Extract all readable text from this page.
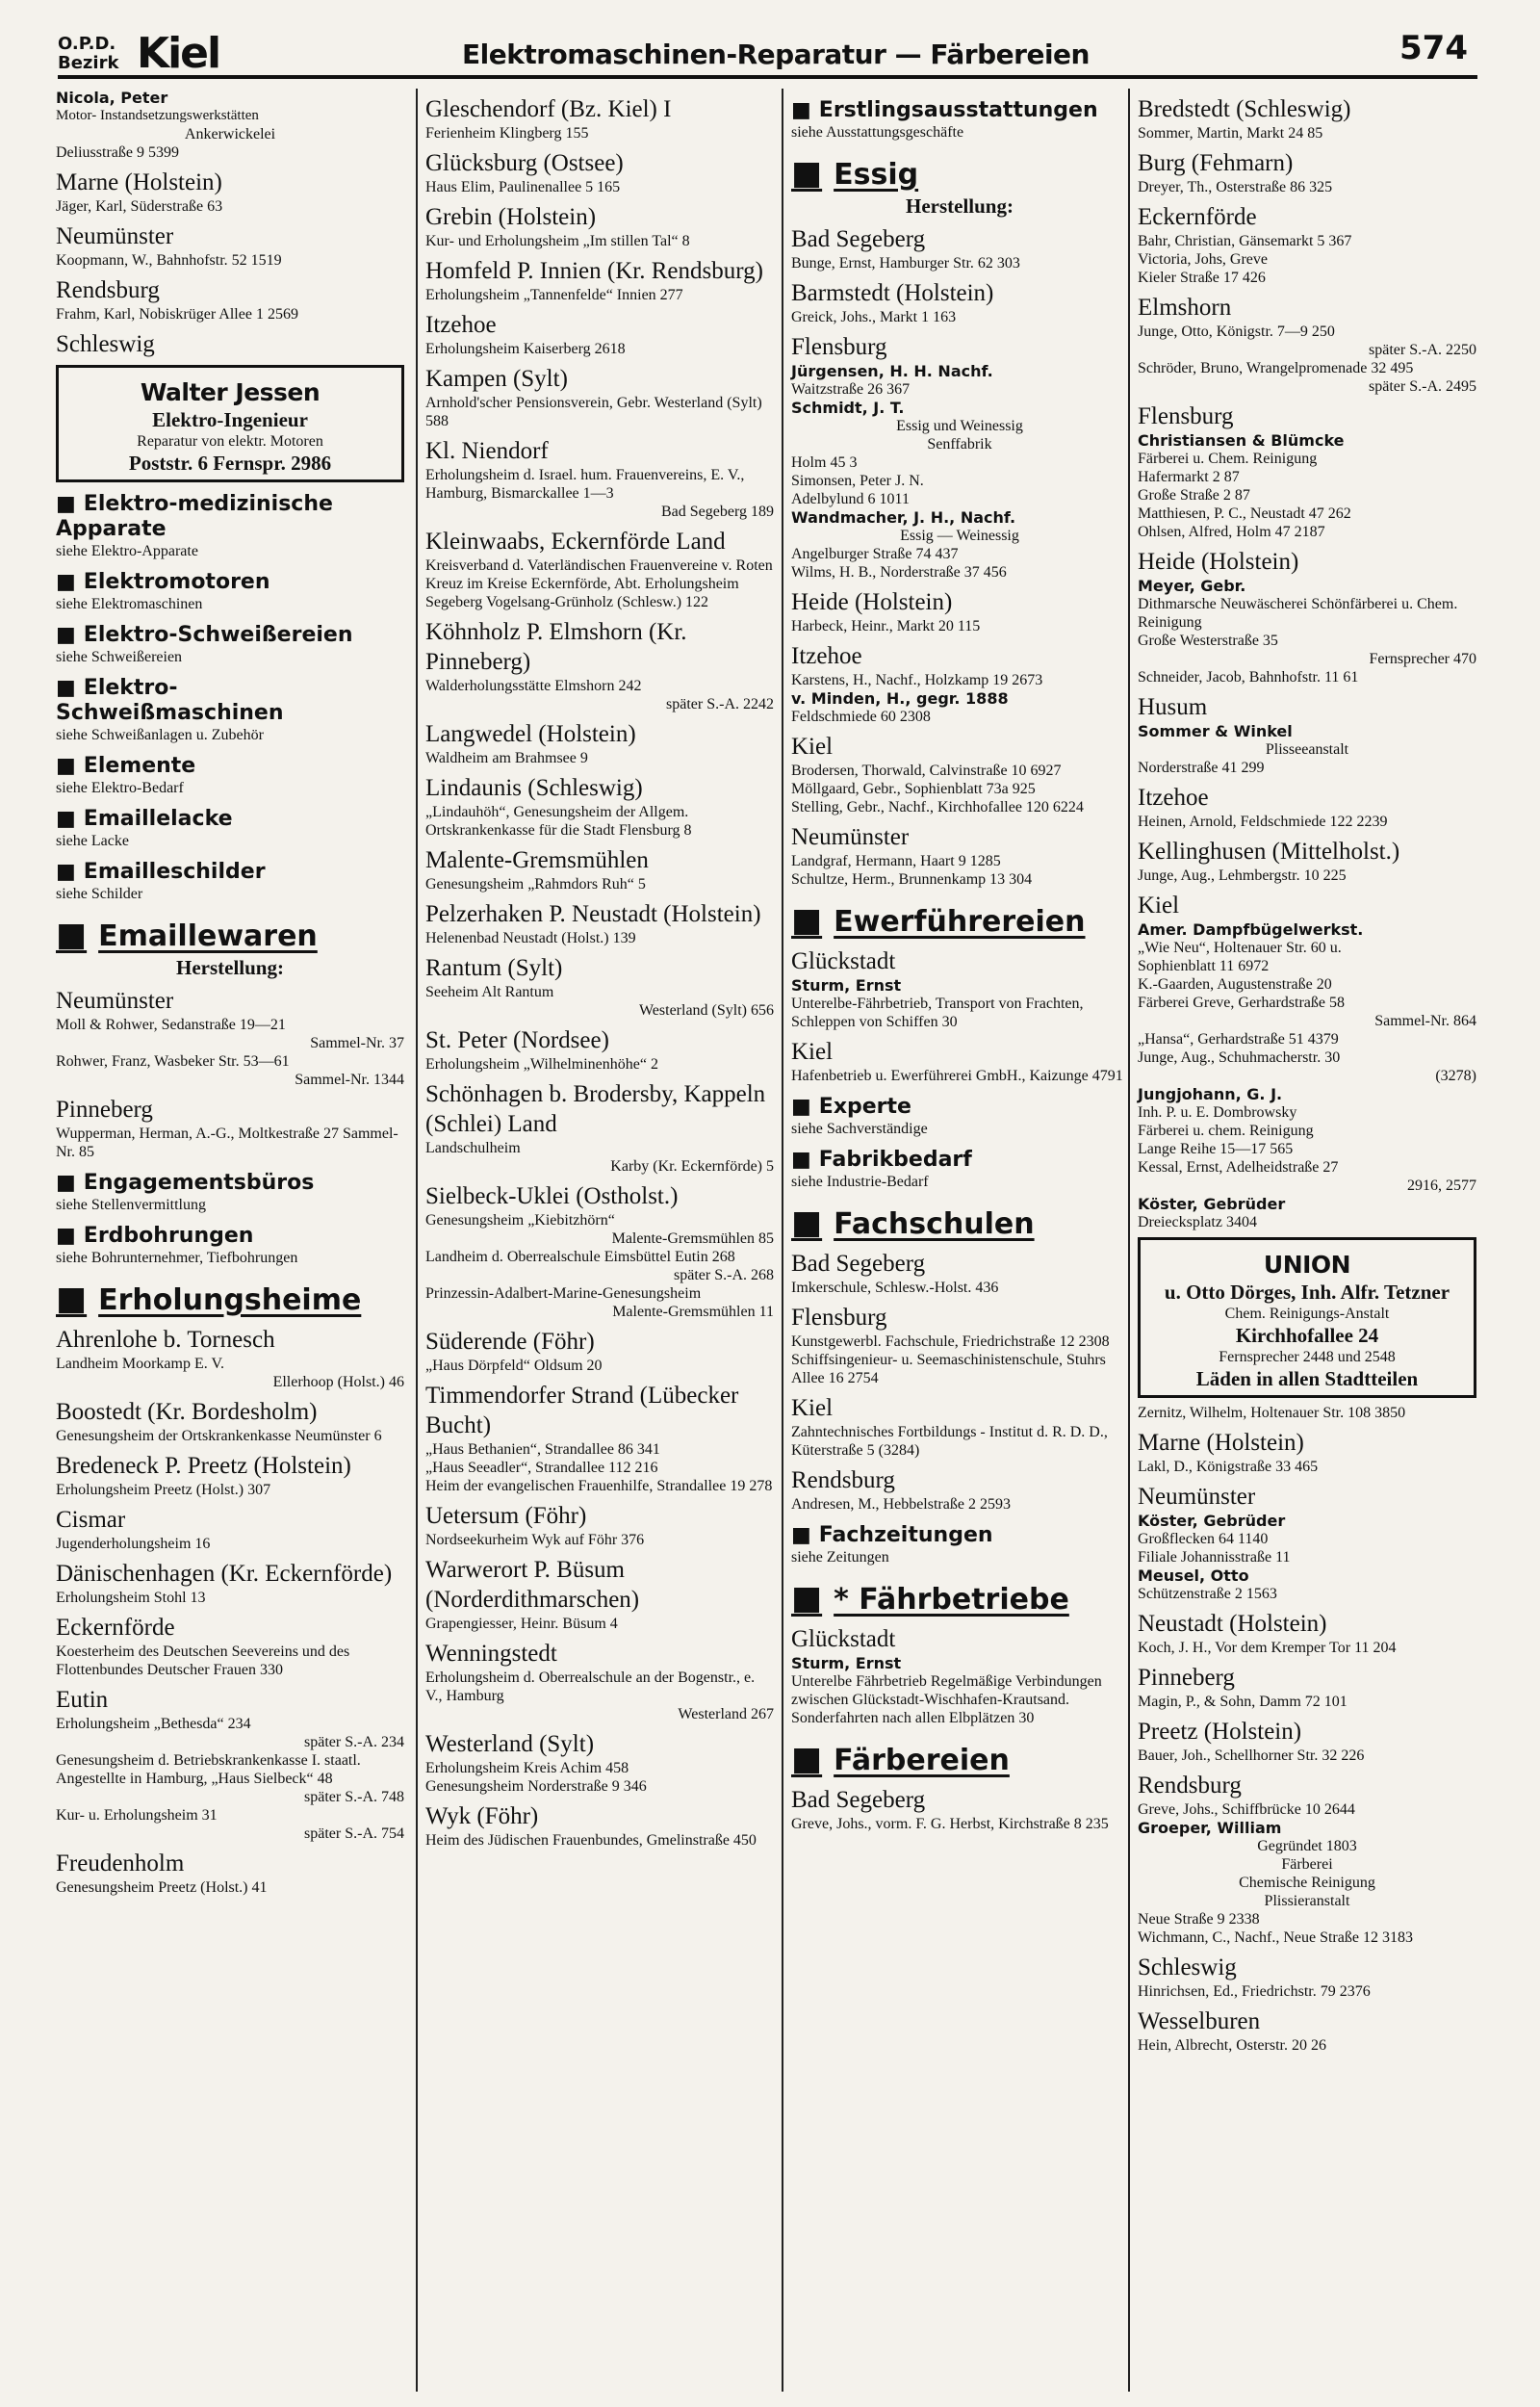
O.P.D.
Bezirk Kiel	Elektromaschinen-Reparatur — Färbereien	574
Nicola, Peter
Motor- Instandsetzungswerkstätten
Ankerwickelei
Deliusstraße 9 5399
Marne (Holstein)
Jäger, Karl, Süderstraße 63
Neumünster
Koopmann, W., Bahnhofstr. 52 1519
Rendsburg
Frahm, Karl, Nobiskrüger Allee 1 2569
Schleswig
Walter Jessen
Elektro-Ingenieur
Reparatur von elektr. Motoren
Poststr. 6 Fernspr. 2986
■ Elektro-medizinische Apparate
siehe Elektro-Apparate
■ Elektromotoren
siehe Elektromaschinen
■ Elektro-Schweißereien
siehe Schweißereien
■ Elektro-Schweißmaschinen
siehe Schweißanlagen u. Zubehör
■ Elemente
siehe Elektro-Bedarf
■ Emaillelacke
siehe Lacke
■ Emailleschilder
siehe Schilder
■ Emaillewaren
Herstellung:
Neumünster
Moll & Rohwer, Sedanstraße 19—21
Sammel-Nr. 37
Rohwer, Franz, Wasbeker Str. 53—61
Sammel-Nr. 1344
Pinneberg
Wupperman, Herman, A.-G., Moltkestraße 27 Sammel-Nr. 85
■ Engagementsbüros
siehe Stellenvermittlung
■ Erdbohrungen
siehe Bohrunternehmer, Tiefbohrungen
■ Erholungsheime
Ahrenlohe b. Tornesch
Landheim Moorkamp E. V.
Ellerhoop (Holst.) 46
Boostedt (Kr. Bordesholm)
Genesungsheim der Ortskrankenkasse Neumünster 6
Bredeneck P. Preetz (Holstein)
Erholungsheim Preetz (Holst.) 307
Cismar
Jugenderholungsheim 16
Dänischenhagen (Kr. Eckernförde)
Erholungsheim Stohl 13
Eckernförde
Koesterheim des Deutschen Seevereins und des Flottenbundes Deutscher Frauen 330
Eutin
Erholungsheim „Bethesda“ 234
später S.-A. 234
Genesungsheim d. Betriebskrankenkasse I. staatl. Angestellte in Hamburg, „Haus Sielbeck“ 48
später S.-A. 748
Kur- u. Erholungsheim 31
später S.-A. 754
Freudenholm
Genesungsheim Preetz (Holst.) 41
Gleschendorf (Bz. Kiel) I
Ferienheim Klingberg 155
Glücksburg (Ostsee)
Haus Elim, Paulinenallee 5 165
Grebin (Holstein)
Kur- und Erholungsheim „Im stillen Tal“ 8
Homfeld P. Innien (Kr. Rendsburg)
Erholungsheim „Tannenfelde“ Innien 277
Itzehoe
Erholungsheim Kaiserberg 2618
Kampen (Sylt)
Arnhold'scher Pensionsverein, Gebr. Westerland (Sylt) 588
Kl. Niendorf
Erholungsheim d. Israel. hum. Frauenvereins, E. V., Hamburg, Bismarckallee 1—3
Bad Segeberg 189
Kleinwaabs, Eckernförde Land
Kreisverband d. Vaterländischen Frauenvereine v. Roten Kreuz im Kreise Eckernförde, Abt. Erholungsheim Segeberg Vogelsang-Grünholz (Schlesw.) 122
Köhnholz P. Elmshorn (Kr. Pinneberg)
Walderholungsstätte Elmshorn 242
später S.-A. 2242
Langwedel (Holstein)
Waldheim am Brahmsee 9
Lindaunis (Schleswig)
„Lindauhöh“, Genesungsheim der Allgem. Ortskrankenkasse für die Stadt Flensburg 8
Malente-Gremsmühlen
Genesungsheim „Rahmdors Ruh“ 5
Pelzerhaken P. Neustadt (Holstein)
Helenenbad Neustadt (Holst.) 139
Rantum (Sylt)
Seeheim Alt Rantum
Westerland (Sylt) 656
St. Peter (Nordsee)
Erholungsheim „Wilhelminenhöhe“ 2
Schönhagen b. Brodersby, Kappeln (Schlei) Land
Landschulheim
Karby (Kr. Eckernförde) 5
Sielbeck-Uklei (Ostholst.)
Genesungsheim „Kiebitzhörn“
Malente-Gremsmühlen 85
Landheim d. Oberrealschule Eimsbüttel Eutin 268
später S.-A. 268
Prinzessin-Adalbert-Marine-Genesungsheim
Malente-Gremsmühlen 11
Süderende (Föhr)
„Haus Dörpfeld“ Oldsum 20
Timmendorfer Strand (Lübecker Bucht)
„Haus Bethanien“, Strandallee 86 341
„Haus Seeadler“, Strandallee 112 216
Heim der evangelischen Frauenhilfe, Strandallee 19 278
Uetersum (Föhr)
Nordseekurheim Wyk auf Föhr 376
Warwerort P. Büsum (Norderdithmarschen)
Grapengiesser, Heinr. Büsum 4
Wenningstedt
Erholungsheim d. Oberrealschule an der Bogenstr., e. V., Hamburg
Westerland 267
Westerland (Sylt)
Erholungsheim Kreis Achim 458
Genesungsheim Norderstraße 9 346
Wyk (Föhr)
Heim des Jüdischen Frauenbundes, Gmelinstraße 450
■ Erstlingsausstattungen
siehe Ausstattungsgeschäfte
■ Essig
Herstellung:
Bad Segeberg
Bunge, Ernst, Hamburger Str. 62 303
Barmstedt (Holstein)
Greick, Johs., Markt 1 163
Flensburg
Jürgensen, H. H. Nachf.
Waitzstraße 26 367
Schmidt, J. T.
Essig und Weinessig
Senffabrik
Holm 45 3
Simonsen, Peter J. N.
Adelbylund 6 1011
Wandmacher, J. H., Nachf.
Essig — Weinessig
Angelburger Straße 74 437
Wilms, H. B., Norderstraße 37 456
Heide (Holstein)
Harbeck, Heinr., Markt 20 115
Itzehoe
Karstens, H., Nachf., Holzkamp 19 2673
v. Minden, H., gegr. 1888
Feldschmiede 60 2308
Kiel
Brodersen, Thorwald, Calvinstraße 10 6927
Möllgaard, Gebr., Sophienblatt 73a 925
Stelling, Gebr., Nachf., Kirchhofallee 120 6224
Neumünster
Landgraf, Hermann, Haart 9 1285
Schultze, Herm., Brunnenkamp 13 304
■ Ewerführereien
Glückstadt
Sturm, Ernst
Unterelbe-Fährbetrieb, Transport von Frachten, Schleppen von Schiffen 30
Kiel
Hafenbetrieb u. Ewerführerei GmbH., Kaizunge 4791
■ Experte
siehe Sachverständige
■ Fabrikbedarf
siehe Industrie-Bedarf
■ Fachschulen
Bad Segeberg
Imkerschule, Schlesw.-Holst. 436
Flensburg
Kunstgewerbl. Fachschule, Friedrichstraße 12 2308
Schiffsingenieur- u. Seemaschinistenschule, Stuhrs Allee 16 2754
Kiel
Zahntechnisches Fortbildungs - Institut d. R. D. D., Küterstraße 5 (3284)
Rendsburg
Andresen, M., Hebbelstraße 2 2593
■ Fachzeitungen
siehe Zeitungen
■ * Fährbetriebe
Glückstadt
Sturm, Ernst
Unterelbe Fährbetrieb Regelmäßige Verbindungen zwischen Glückstadt-Wischhafen-Krautsand. Sonderfahrten nach allen Elbplätzen 30
■ Färbereien
Bad Segeberg
Greve, Johs., vorm. F. G. Herbst, Kirchstraße 8 235
Bredstedt (Schleswig)
Sommer, Martin, Markt 24 85
Burg (Fehmarn)
Dreyer, Th., Osterstraße 86 325
Eckernförde
Bahr, Christian, Gänsemarkt 5 367
Victoria, Johs, Greve
Kieler Straße 17 426
Elmshorn
Junge, Otto, Königstr. 7—9 250
später S.-A. 2250
Schröder, Bruno, Wrangelpromenade 32 495
später S.-A. 2495
Flensburg
Christiansen & Blümcke
Färberei u. Chem. Reinigung
Hafermarkt 2 87
Große Straße 2 87
Matthiesen, P. C., Neustadt 47 262
Ohlsen, Alfred, Holm 47 2187
Heide (Holstein)
Meyer, Gebr.
Dithmarsche Neuwäscherei Schönfärberei u. Chem. Reinigung
Große Westerstraße 35
Fernsprecher 470
Schneider, Jacob, Bahnhofstr. 11 61
Husum
Sommer & Winkel
Plisseeanstalt
Norderstraße 41 299
Itzehoe
Heinen, Arnold, Feldschmiede 122 2239
Kellinghusen (Mittelholst.)
Junge, Aug., Lehmbergstr. 10 225
Kiel
Amer. Dampfbügelwerkst.
„Wie Neu“, Holtenauer Str. 60 u.
Sophienblatt 11 6972
K.-Gaarden, Augustenstraße 20
Färberei Greve, Gerhardstraße 58
Sammel-Nr. 864
„Hansa“, Gerhardstraße 51 4379
Junge, Aug., Schuhmacherstr. 30
(3278)
Jungjohann, G. J.
Inh. P. u. E. Dombrowsky
Färberei u. chem. Reinigung
Lange Reihe 15—17 565
Kessal, Ernst, Adelheidstraße 27
2916, 2577
Köster, Gebrüder
Dreiecksplatz 3404
UNION
u. Otto Dörges, Inh. Alfr. Tetzner
Chem. Reinigungs-Anstalt
Kirchhofallee 24
Fernsprecher 2448 und 2548
Läden in allen Stadtteilen
Zernitz, Wilhelm, Holtenauer Str. 108 3850
Marne (Holstein)
Lakl, D., Königstraße 33 465
Neumünster
Köster, Gebrüder
Großflecken 64 1140
Filiale Johannisstraße 11
Meusel, Otto
Schützenstraße 2 1563
Neustadt (Holstein)
Koch, J. H., Vor dem Kremper Tor 11 204
Pinneberg
Magin, P., & Sohn, Damm 72 101
Preetz (Holstein)
Bauer, Joh., Schellhorner Str. 32 226
Rendsburg
Greve, Johs., Schiffbrücke 10 2644
Groeper, William
Gegründet 1803
Färberei
Chemische Reinigung
Plissieranstalt
Neue Straße 9 2338
Wichmann, C., Nachf., Neue Straße 12 3183
Schleswig
Hinrichsen, Ed., Friedrichstr. 79 2376
Wesselburen
Hein, Albrecht, Osterstr. 20 26
